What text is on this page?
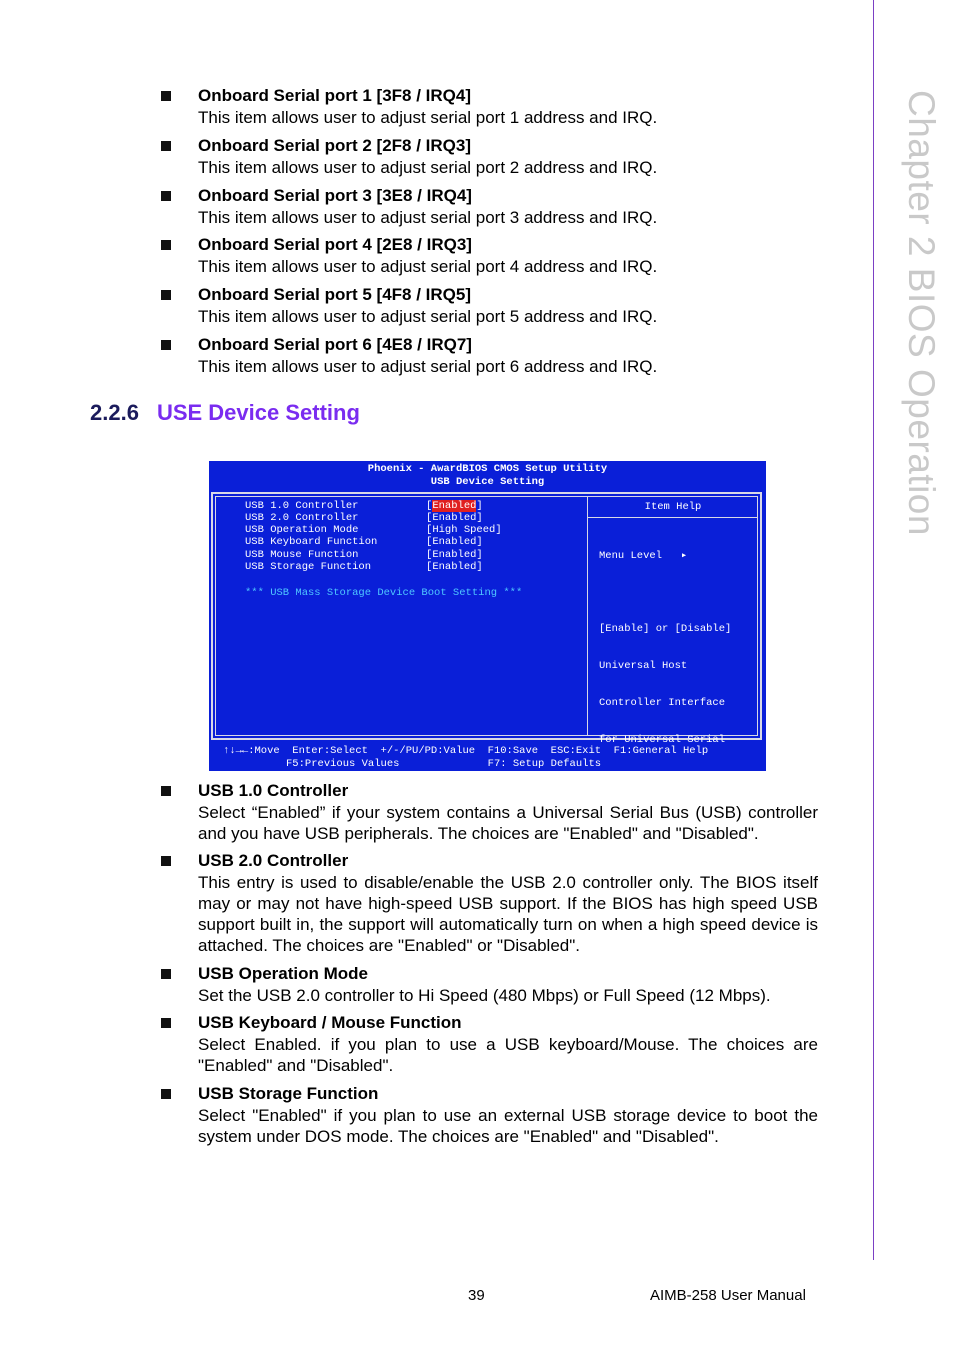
Chapter 2 BIOS Operation
Onboard Serial port 1 [3F8 / IRQ4]
This item allows user to adjust serial port 1 address and IRQ.
Onboard Serial port 2 [2F8 / IRQ3]
This item allows user to adjust serial port 2 address and IRQ.
Onboard Serial port 3 [3E8 / IRQ4]
This item allows user to adjust serial port 3 address and IRQ.
Onboard Serial port 4 [2E8 / IRQ3]
This item allows user to adjust serial port 4 address and IRQ.
Onboard Serial port 5 [4F8 / IRQ5]
This item allows user to adjust serial port 5 address and IRQ.
Onboard Serial port 6 [4E8 / IRQ7]
This item allows user to adjust serial port 6 address and IRQ.
2.2.6 USE Device Setting
Phoenix - AwardBIOS CMOS Setup Utility
USB Device Setting
USB 1.0 Controller	[Enabled]
USB 2.0 Controller	[Enabled]
USB Operation Mode	[High Speed]
USB Keyboard Function	[Enabled]
USB Mouse Function	[Enabled]
USB Storage Function	[Enabled]
*** USB Mass Storage Device Boot Setting ***
Item Help

Menu Level   ▸

[Enable] or [Disable]

Universal Host

Controller Interface

for Universal Serial

Bus.

↑↓→←:Move  Enter:Select  +/-/PU/PD:Value  F10:Save  ESC:Exit  F1:General Help
F5:Previous Values              F7: Setup Defaults
USB 1.0 Controller
Select “Enabled” if your system contains a Universal Serial Bus (USB) controller and you have USB peripherals. The choices are "Enabled" and "Disabled".
USB 2.0 Controller
This entry is used to disable/enable the USB 2.0 controller only. The BIOS itself may or may not have high-speed USB support. If the BIOS has high speed USB support built in, the support will automatically turn on when a high speed device is attached. The choices are "Enabled" or "Disabled".
USB Operation Mode
Set the USB 2.0 controller to Hi Speed (480 Mbps) or Full Speed (12 Mbps).
USB Keyboard / Mouse Function
Select Enabled. if you plan to use a USB keyboard/Mouse. The choices are "Enabled" and "Disabled".
USB Storage Function
Select "Enabled" if you plan to use an external USB storage device to boot the system under DOS mode. The choices are "Enabled" and "Disabled".
39	AIMB-258 User Manual
